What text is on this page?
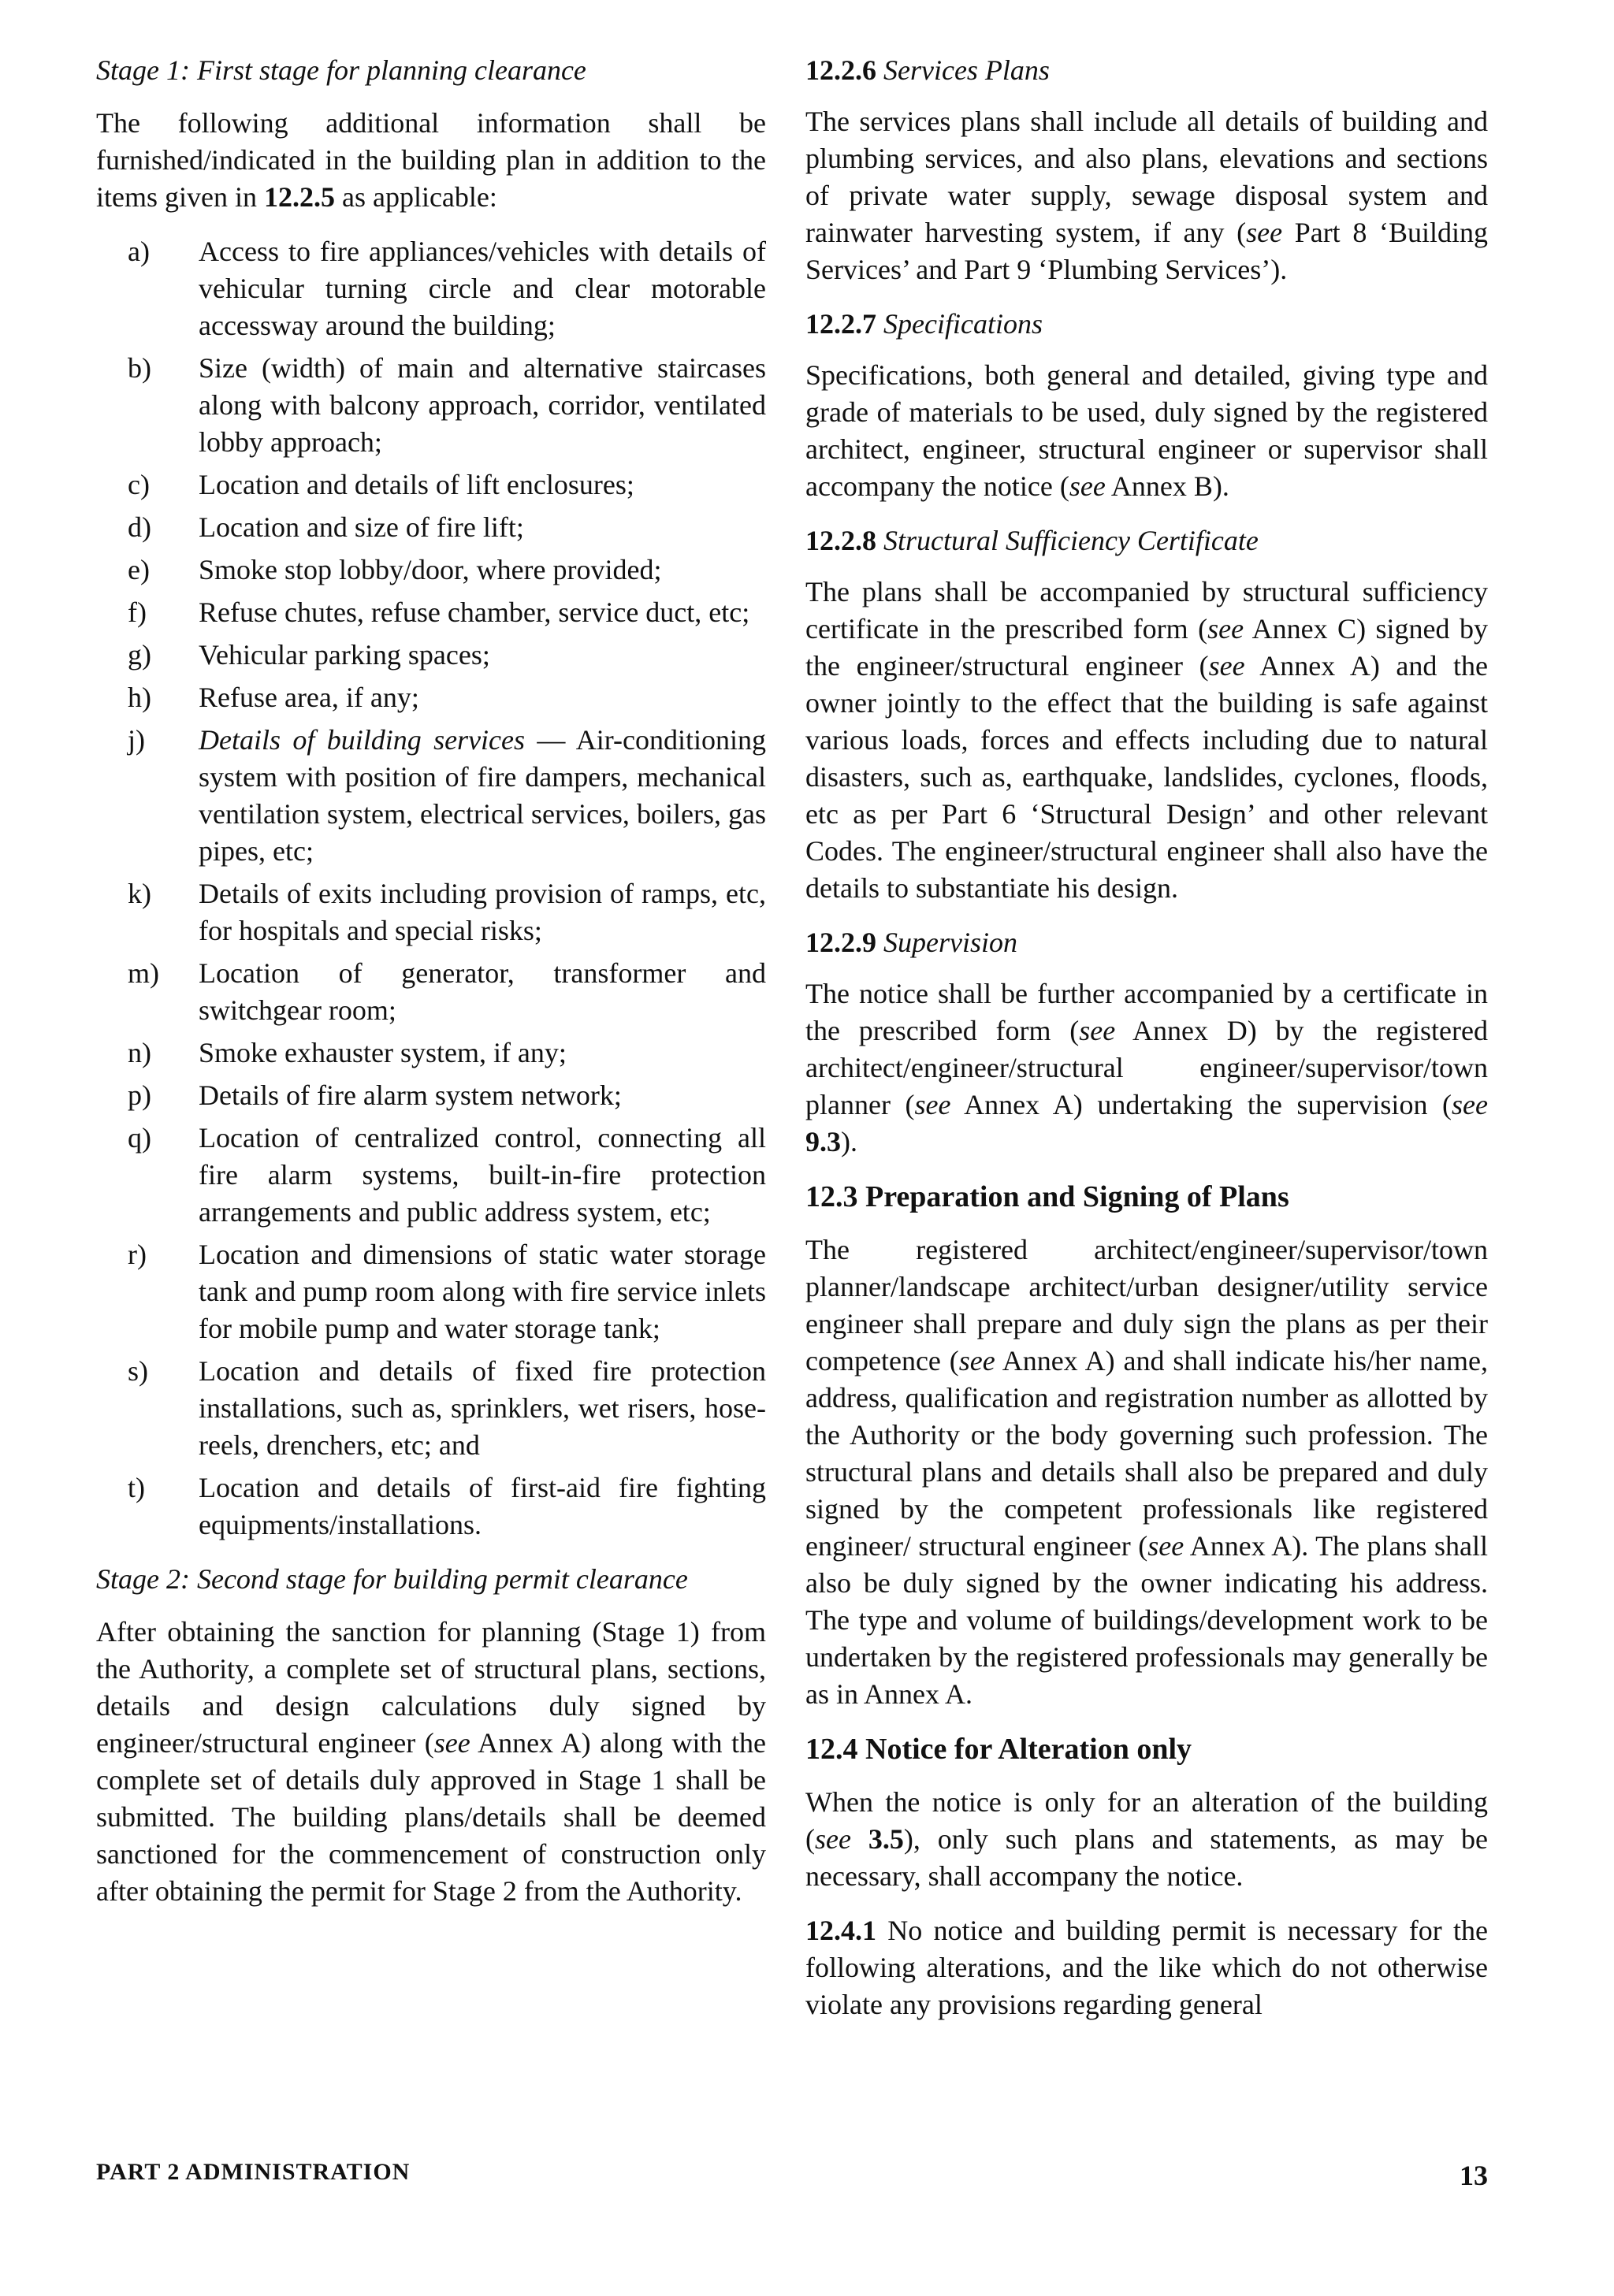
Stage 1: First stage for planning clearance

The following additional information shall be furnished/indicated in the building plan in addition to the items given in 12.2.5 as applicable:

a)	Access to fire appliances/vehicles with details of vehicular turning circle and clear motorable accessway around the building;
b)	Size (width) of main and alternative staircases along with balcony approach, corridor, ventilated lobby approach;
c)	Location and details of lift enclosures;
d)	Location and size of fire lift;
e)	Smoke stop lobby/door, where provided;
f)	Refuse chutes, refuse chamber, service duct, etc;
g)	Vehicular parking spaces;
h)	Refuse area, if any;
j)	Details of building services — Air-conditioning system with position of fire dampers, mechanical ventilation system, electrical services, boilers, gas pipes, etc;
k)	Details of exits including provision of ramps, etc, for hospitals and special risks;
m)	Location of generator, transformer and switchgear room;
n)	Smoke exhauster system, if any;
p)	Details of fire alarm system network;
q)	Location of centralized control, connecting all fire alarm systems, built-in-fire protection arrangements and public address system, etc;
r)	Location and dimensions of static water storage tank and pump room along with fire service inlets for mobile pump and water storage tank;
s)	Location and details of fixed fire protection installations, such as, sprinklers, wet risers, hose-reels, drenchers, etc; and
t)	Location and details of first-aid fire fighting equipments/installations.

Stage 2: Second stage for building permit clearance

After obtaining the sanction for planning (Stage 1) from the Authority, a complete set of structural plans, sections, details and design calculations duly signed by engineer/structural engineer (see Annex A) along with the complete set of details duly approved in Stage 1 shall be submitted. The building plans/details shall be deemed sanctioned for the commencement of construction only after obtaining the permit for Stage 2 from the Authority.

12.2.6 Services Plans

The services plans shall include all details of building and plumbing services, and also plans, elevations and sections of private water supply, sewage disposal system and rainwater harvesting system, if any (see Part 8 ‘Building Services’ and Part 9 ‘Plumbing Services’).

12.2.7 Specifications

Specifications, both general and detailed, giving type and grade of materials to be used, duly signed by the registered architect, engineer, structural engineer or supervisor shall accompany the notice (see Annex B).

12.2.8 Structural Sufficiency Certificate

The plans shall be accompanied by structural sufficiency certificate in the prescribed form (see Annex C) signed by the engineer/structural engineer (see Annex A) and the owner jointly to the effect that the building is safe against various loads, forces and effects including due to natural disasters, such as, earthquake, landslides, cyclones, floods, etc as per Part 6 ‘Structural Design’ and other relevant Codes. The engineer/structural engineer shall also have the details to substantiate his design.

12.2.9 Supervision

The notice shall be further accompanied by a certificate in the prescribed form (see Annex D) by the registered architect/engineer/structural engineer/supervisor/town planner (see Annex A) undertaking the supervision (see 9.3).

12.3 Preparation and Signing of Plans

The registered architect/engineer/supervisor/town planner/landscape architect/urban designer/utility service engineer shall prepare and duly sign the plans as per their competence (see Annex A) and shall indicate his/her name, address, qualification and registration number as allotted by the Authority or the body governing such profession. The structural plans and details shall also be prepared and duly signed by the competent professionals like registered engineer/ structural engineer (see Annex A). The plans shall also be duly signed by the owner indicating his address. The type and volume of buildings/development work to be undertaken by the registered professionals may generally be as in Annex A.

12.4 Notice for Alteration only

When the notice is only for an alteration of the building (see 3.5), only such plans and statements, as may be necessary, shall accompany the notice.

12.4.1 No notice and building permit is necessary for the following alterations, and the like which do not otherwise violate any provisions regarding general

PART 2 ADMINISTRATION	13
